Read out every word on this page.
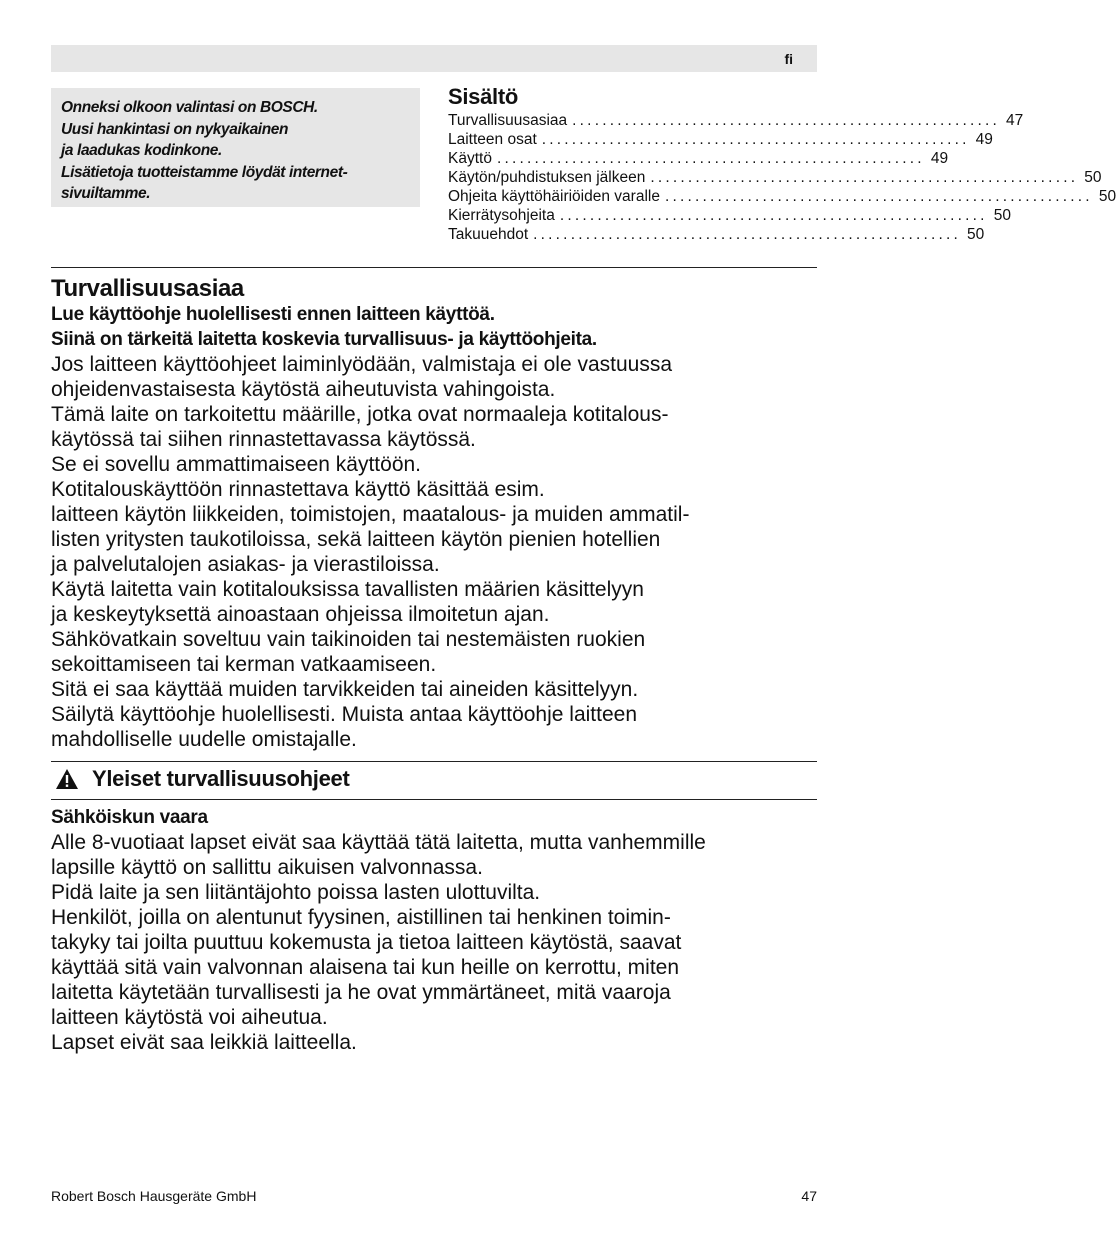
fi
Onneksi olkoon valintasi on BOSCH.
Uusi hankintasi on nykyaikainen
ja laadukas kodinkone.
Lisätietoja tuotteistamme löydät internet-
sivuiltamme.
Sisältö
Turvallisuusasiaa ......................................................... 47
Laitteen osat ......................................................... 49
Käyttö ......................................................... 49
Käytön/puhdistuksen jälkeen ......................................................... 50
Ohjeita käyttöhäiriöiden varalle ......................................................... 50
Kierrätysohjeita ......................................................... 50
Takuuehdot ......................................................... 50
Turvallisuusasiaa

Lue käyttöohje huolellisesti ennen laitteen käyttöä.

Siinä on tärkeitä laitetta koskevia turvallisuus- ja käyttöohjeita.

Jos laitteen käyttöohjeet laiminlyödään, valmistaja ei ole vastuussa

ohjeidenvastaisesta käytöstä aiheutuvista vahingoista.

Tämä laite on tarkoitettu määrille, jotka ovat normaaleja kotitalous-

käytössä tai siihen rinnastettavassa käytössä.

Se ei sovellu ammattimaiseen käyttöön.

Kotitalouskäyttöön rinnastettava käyttö käsittää esim.

laitteen käytön liikkeiden, toimistojen, maatalous- ja muiden ammatil-

listen yritysten taukotiloissa, sekä laitteen käytön pienien hotellien

ja palvelutalojen asiakas- ja vierastiloissa.

Käytä laitetta vain kotitalouksissa tavallisten määrien käsittelyyn

ja keskeytyksettä ainoastaan ohjeissa ilmoitetun ajan.

Sähkövatkain soveltuu vain taikinoiden tai nestemäisten ruokien

sekoittamiseen tai kerman vatkaamiseen.

Sitä ei saa käyttää muiden tarvikkeiden tai aineiden käsittelyyn.

Säilytä käyttöohje huolellisesti. Muista antaa käyttöohje laitteen

mahdolliselle uudelle omistajalle.

Yleiset turvallisuusohjeet

Sähköiskun vaara

Alle 8-vuotiaat lapset eivät saa käyttää tätä laitetta, mutta vanhemmille

lapsille käyttö on sallittu aikuisen valvonnassa.

Pidä laite ja sen liitäntäjohto poissa lasten ulottuvilta.

Henkilöt, joilla on alentunut fyysinen, aistillinen tai henkinen toimin-

takyky tai joilta puuttuu kokemusta ja tietoa laitteen käytöstä, saavat

käyttää sitä vain valvonnan alaisena tai kun heille on kerrottu, miten

laitetta käytetään turvallisesti ja he ovat ymmärtäneet, mitä vaaroja

laitteen käytöstä voi aiheutua.

Lapset eivät saa leikkiä laitteella.

Robert Bosch Hausgeräte GmbH	47
